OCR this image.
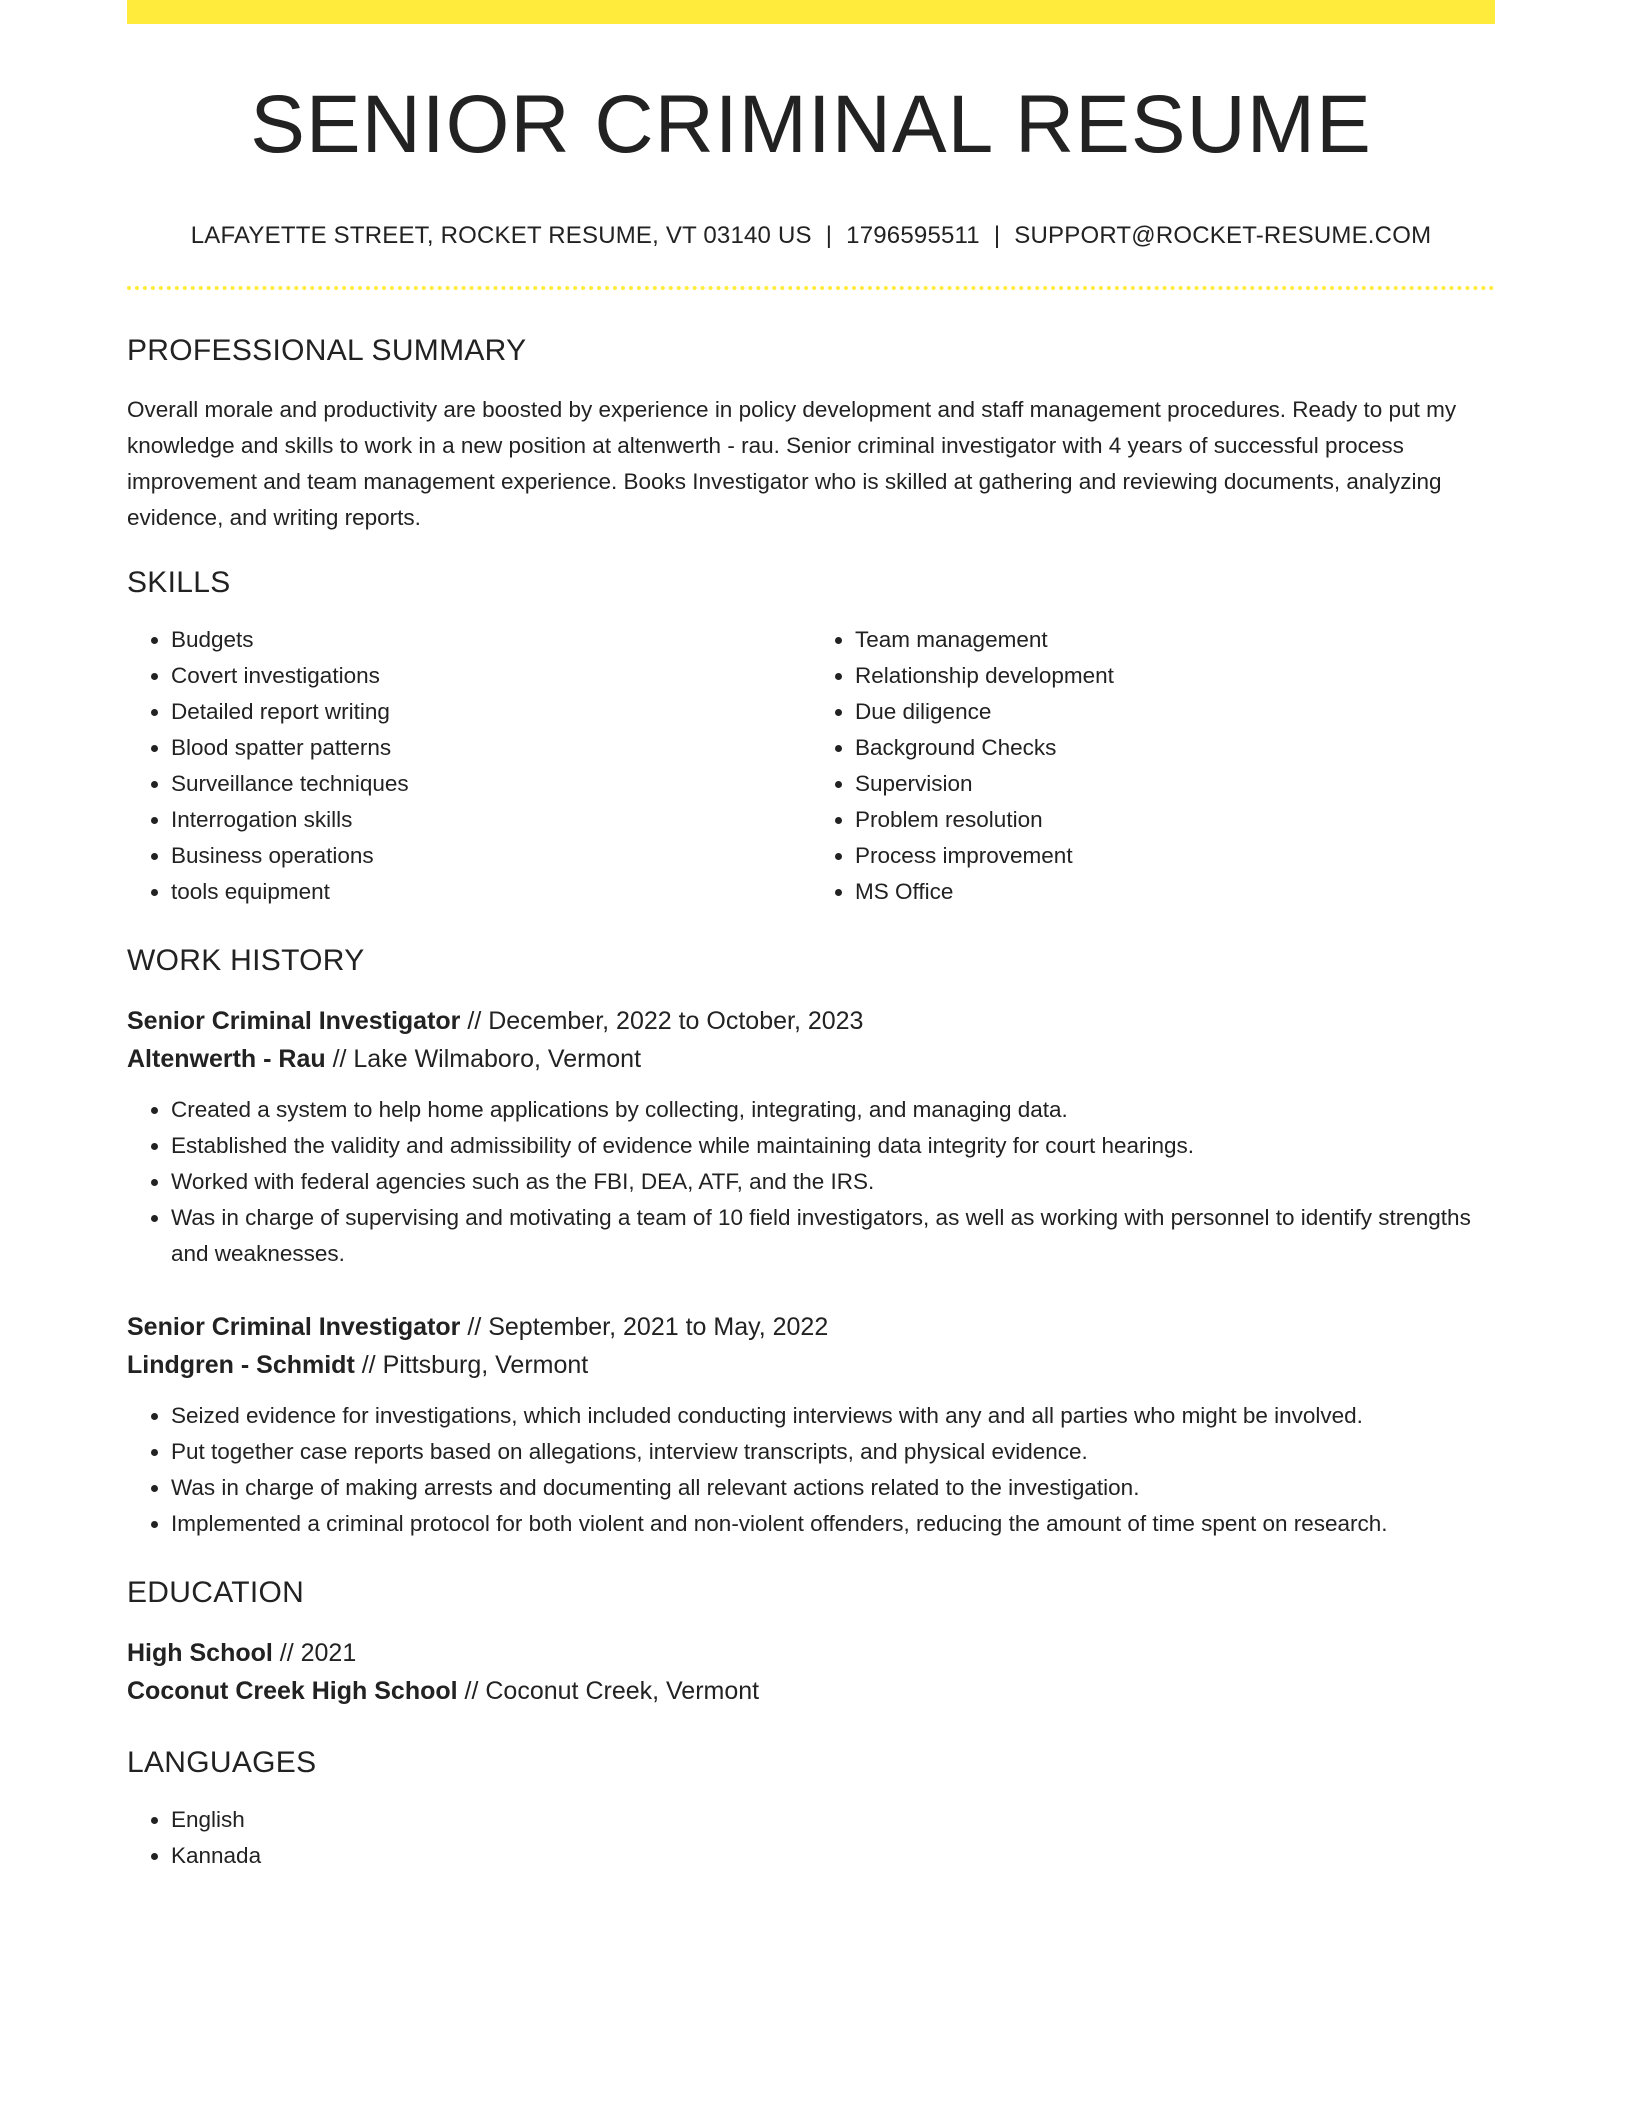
SENIOR CRIMINAL RESUME
LAFAYETTE STREET, ROCKET RESUME, VT 03140 US | 1796595511 | SUPPORT@ROCKET-RESUME.COM
PROFESSIONAL SUMMARY

Overall morale and productivity are boosted by experience in policy development and staff management procedures. Ready to put my knowledge and skills to work in a new position at altenwerth - rau. Senior criminal investigator with 4 years of successful process improvement and team management experience. Books Investigator who is skilled at gathering and reviewing documents, analyzing evidence, and writing reports.

SKILLS
• Budgets
• Covert investigations
• Detailed report writing
• Blood spatter patterns
• Surveillance techniques
• Interrogation skills
• Business operations
• tools equipment
• Team management
• Relationship development
• Due diligence
• Background Checks
• Supervision
• Problem resolution
• Process improvement
• MS Office
WORK HISTORY
Senior Criminal Investigator // December, 2022 to October, 2023
Altenwerth - Rau // Lake Wilmaboro, Vermont
• Created a system to help home applications by collecting, integrating, and managing data.
• Established the validity and admissibility of evidence while maintaining data integrity for court hearings.
• Worked with federal agencies such as the FBI, DEA, ATF, and the IRS.
• Was in charge of supervising and motivating a team of 10 field investigators, as well as working with personnel to identify strengths and weaknesses.
Senior Criminal Investigator // September, 2021 to May, 2022
Lindgren - Schmidt // Pittsburg, Vermont
• Seized evidence for investigations, which included conducting interviews with any and all parties who might be involved.
• Put together case reports based on allegations, interview transcripts, and physical evidence.
• Was in charge of making arrests and documenting all relevant actions related to the investigation.
• Implemented a criminal protocol for both violent and non-violent offenders, reducing the amount of time spent on research.
EDUCATION
High School // 2021
Coconut Creek High School // Coconut Creek, Vermont
LANGUAGES
• English
• Kannada
